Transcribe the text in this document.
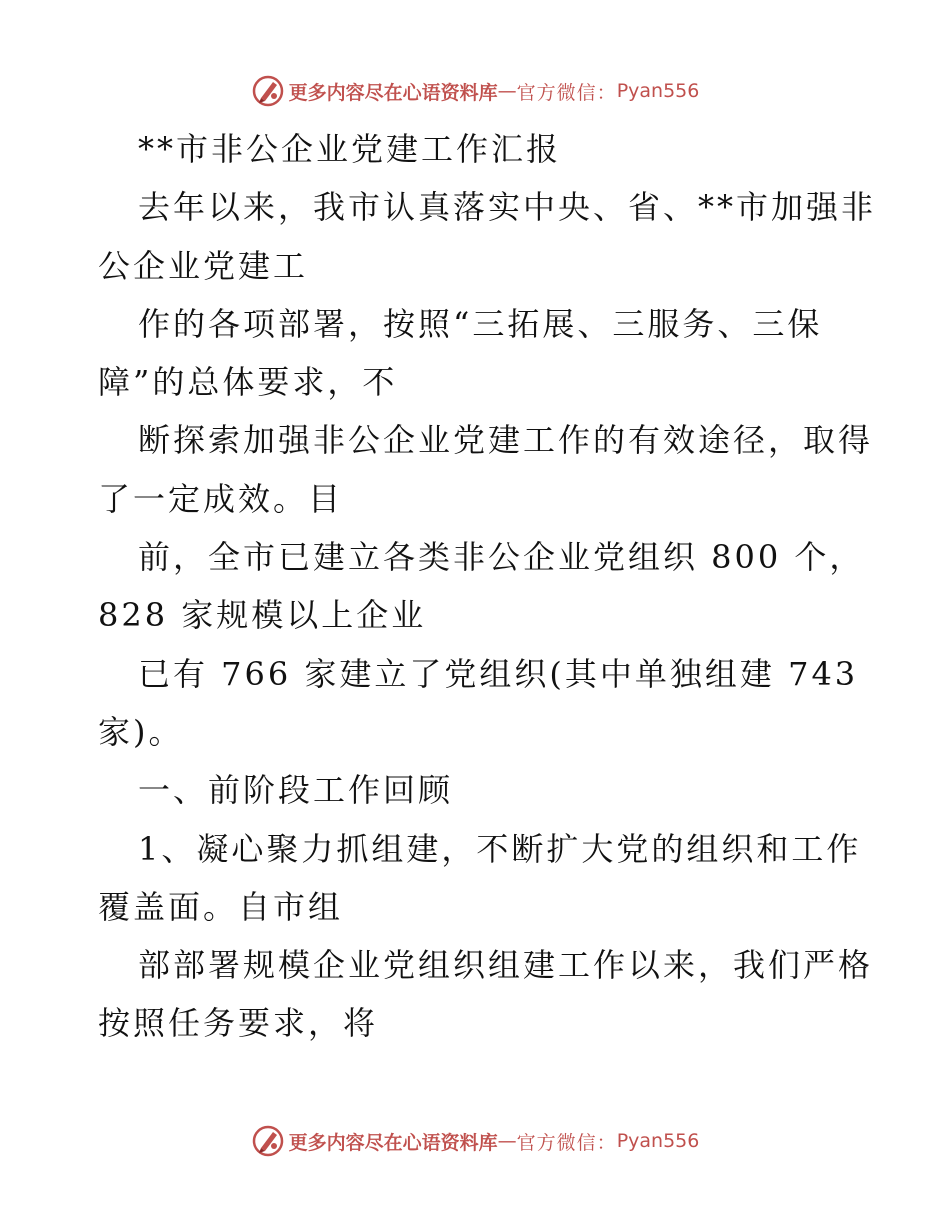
更多内容尽在心语资料库 — 官方微信： Pyan556
**市非公企业党建工作汇报
去年以来，我市认真落实中央、省、**市加强非
公企业党建工
作的各项部署，按照“三拓展、三服务、三保
障”的总体要求，不
断探索加强非公企业党建工作的有效途径，取得
了一定成效。目
前，全市已建立各类非公企业党组织 800 个，
828 家规模以上企业
已有 766 家建立了党组织(其中单独组建 743
家)。
一、前阶段工作回顾
1、凝心聚力抓组建，不断扩大党的组织和工作
覆盖面。自市组
部部署规模企业党组织组建工作以来，我们严格
按照任务要求，将
更多内容尽在心语资料库 — 官方微信： Pyan556
